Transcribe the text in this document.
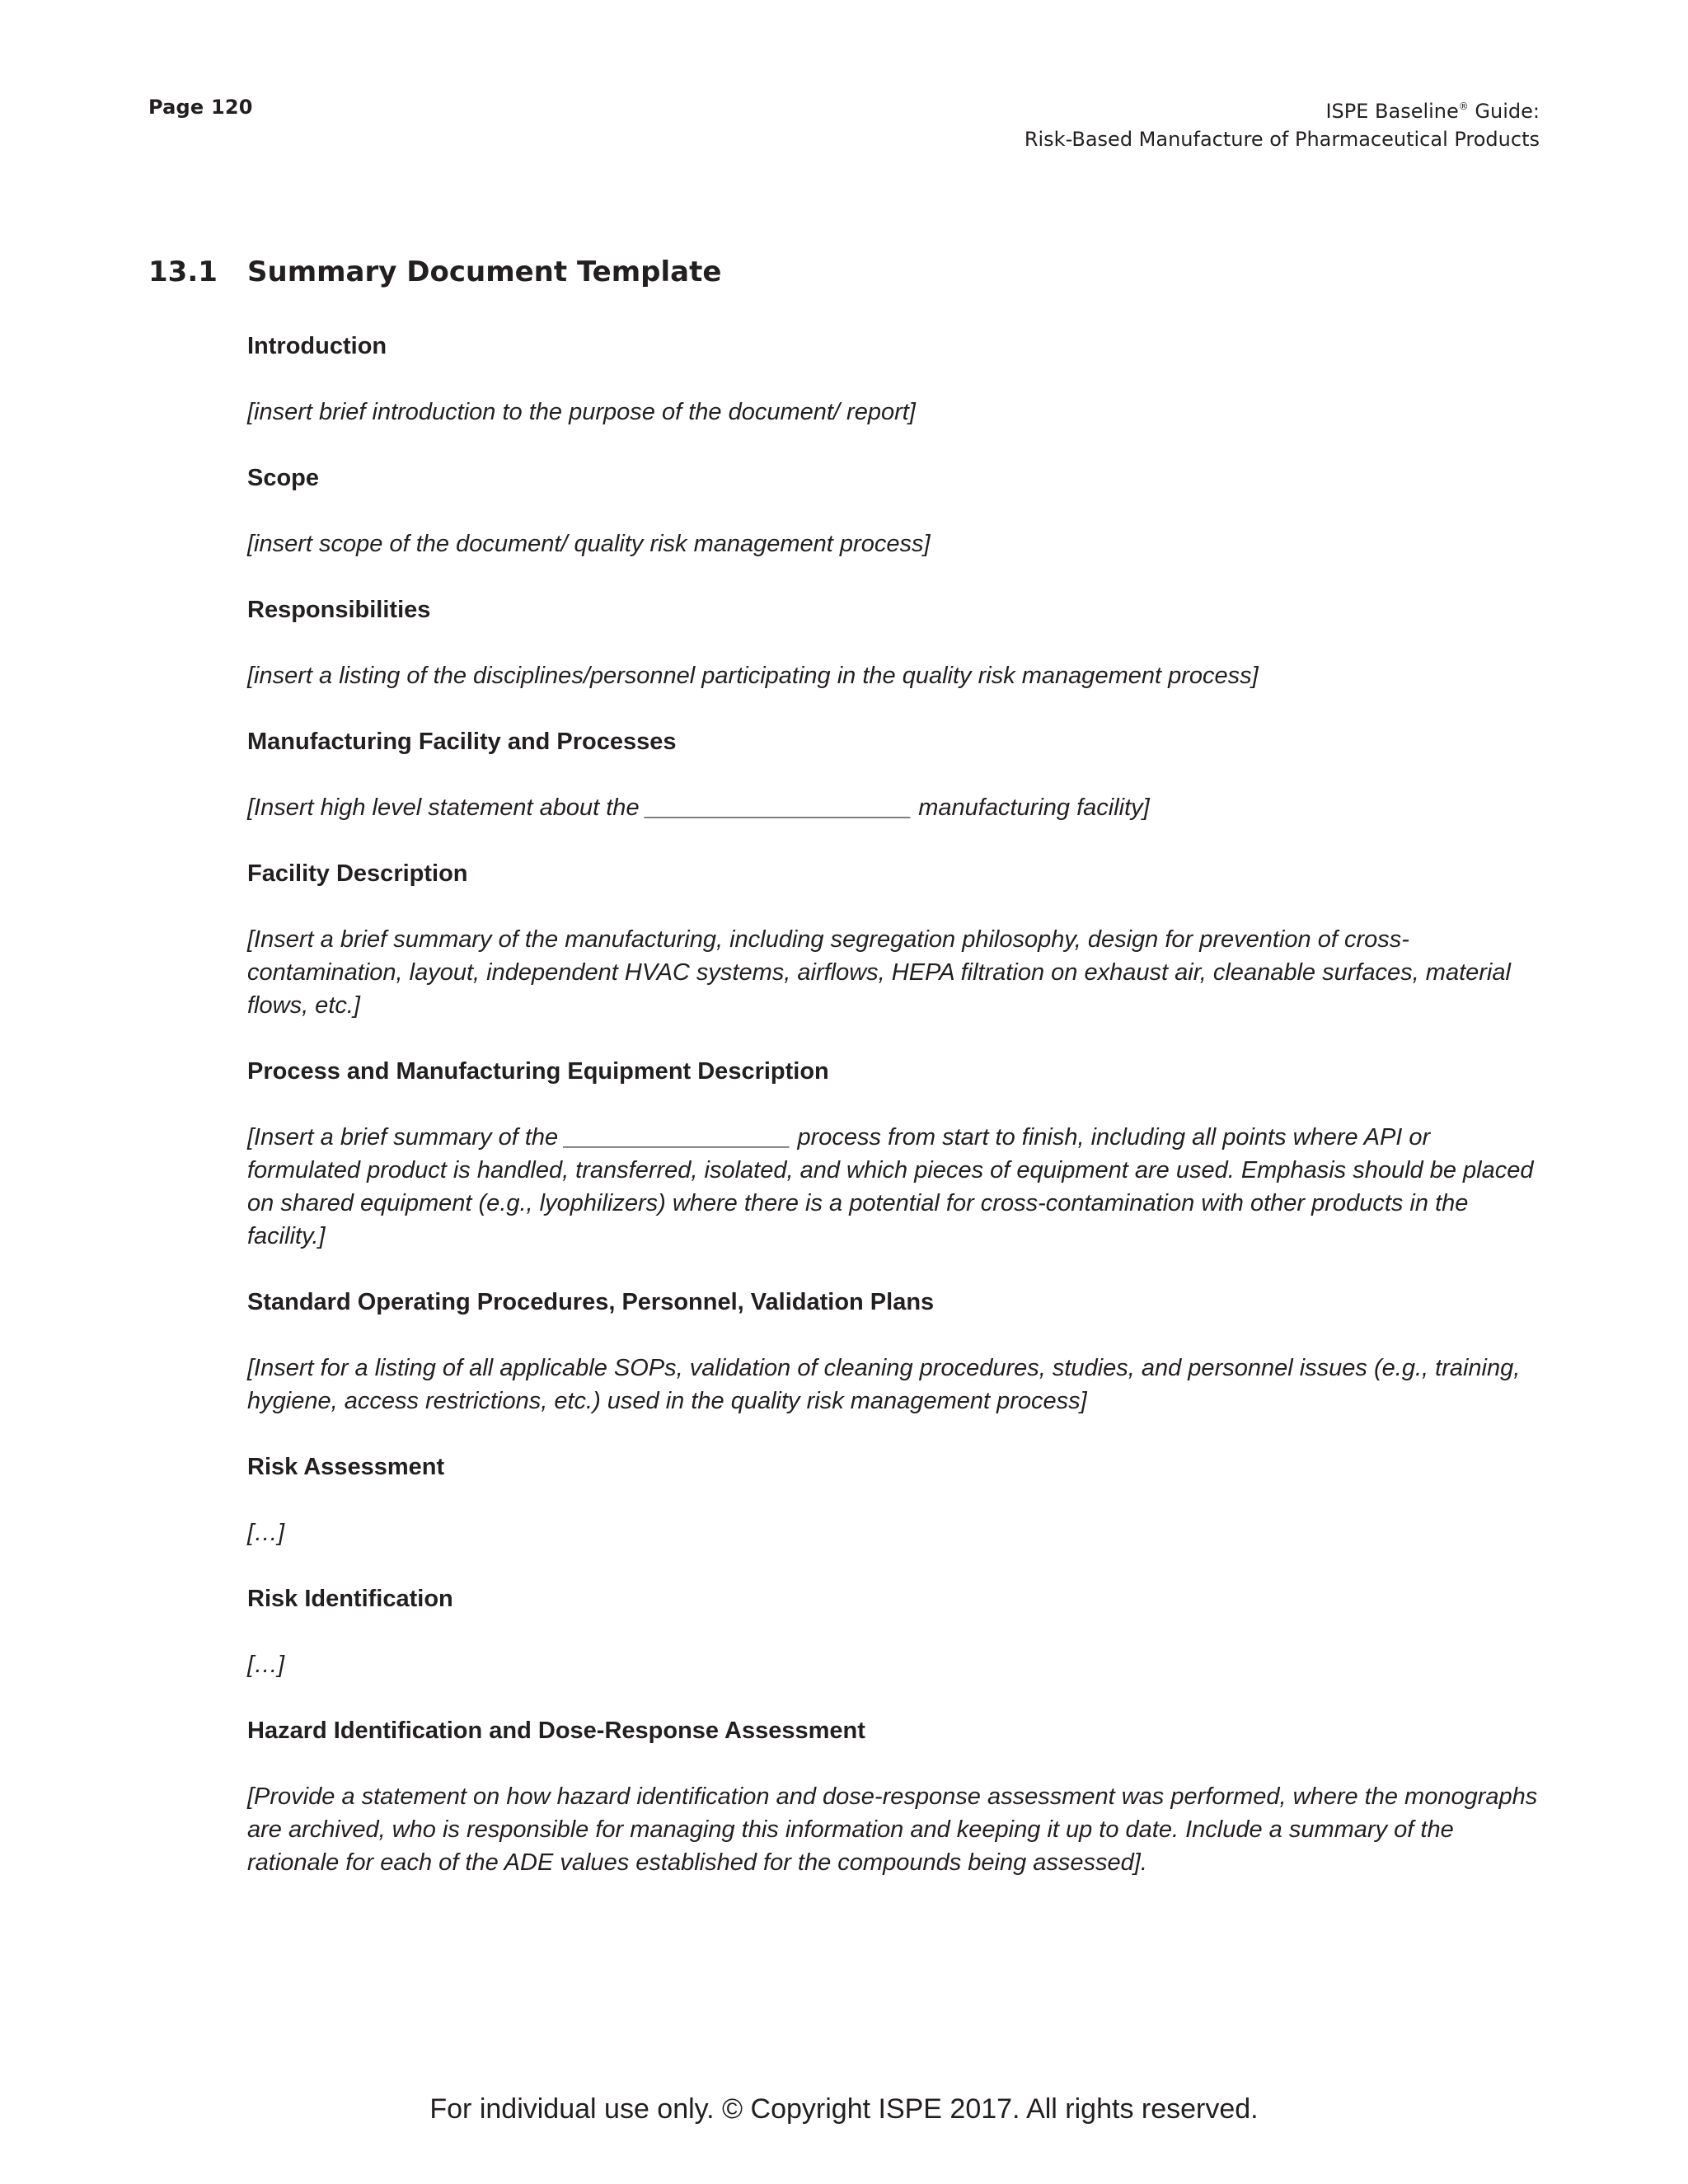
Page 120	ISPE Baseline® Guide:
Risk-Based Manufacture of Pharmaceutical Products
13.1 Summary Document Template
Introduction
[insert brief introduction to the purpose of the document/ report]
Scope
[insert scope of the document/ quality risk management process]
Responsibilities
[insert a listing of the disciplines/personnel participating in the quality risk management process]
Manufacturing Facility and Processes
[Insert high level statement about the ____________________ manufacturing facility]
Facility Description
[Insert a brief summary of the manufacturing, including segregation philosophy, design for prevention of cross-contamination, layout, independent HVAC systems, airflows, HEPA filtration on exhaust air, cleanable surfaces, material flows, etc.]
Process and Manufacturing Equipment Description
[Insert a brief summary of the _________________ process from start to finish, including all points where API or formulated product is handled, transferred, isolated, and which pieces of equipment are used. Emphasis should be placed on shared equipment (e.g., lyophilizers) where there is a potential for cross-contamination with other products in the facility.]
Standard Operating Procedures, Personnel, Validation Plans
[Insert for a listing of all applicable SOPs, validation of cleaning procedures, studies, and personnel issues (e.g., training, hygiene, access restrictions, etc.) used in the quality risk management process]
Risk Assessment
[…]
Risk Identification
[…]
Hazard Identification and Dose-Response Assessment
[Provide a statement on how hazard identification and dose-response assessment was performed, where the monographs are archived, who is responsible for managing this information and keeping it up to date. Include a summary of the rationale for each of the ADE values established for the compounds being assessed].
For individual use only. © Copyright ISPE 2017. All rights reserved.
